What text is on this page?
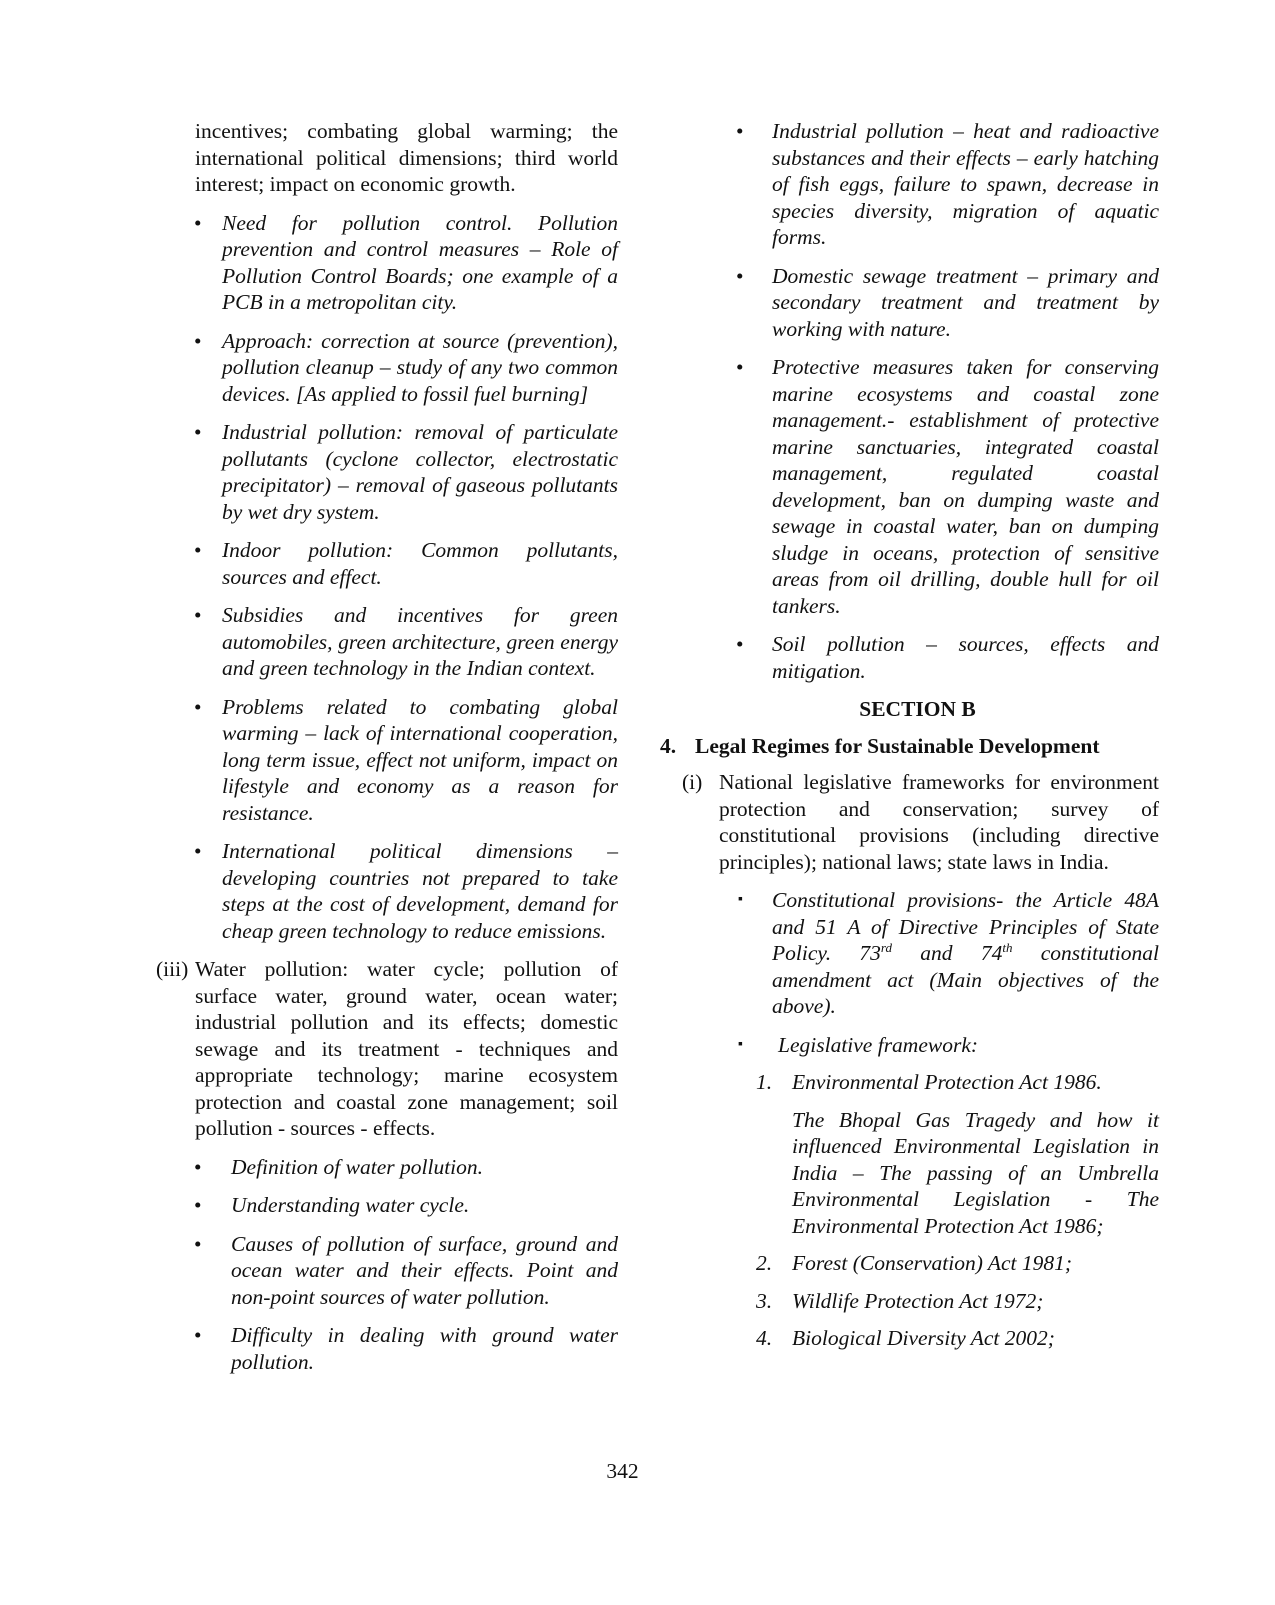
incentives; combating global warming; the international political dimensions; third world interest; impact on economic growth.

• Need for pollution control. Pollution prevention and control measures – Role of Pollution Control Boards; one example of a PCB in a metropolitan city.
• Approach: correction at source (prevention), pollution cleanup – study of any two common devices. [As applied to fossil fuel burning]
• Industrial pollution: removal of particulate pollutants (cyclone collector, electrostatic precipitator) – removal of gaseous pollutants by wet dry system.
• Indoor pollution: Common pollutants, sources and effect.
• Subsidies and incentives for green automobiles, green architecture, green energy and green technology in the Indian context.
• Problems related to combating global warming – lack of international cooperation, long term issue, effect not uniform, impact on lifestyle and economy as a reason for resistance.
• International political dimensions – developing countries not prepared to take steps at the cost of development, demand for cheap green technology to reduce emissions.
(iii) Water pollution: water cycle; pollution of surface water, ground water, ocean water; industrial pollution and its effects; domestic sewage and its treatment - techniques and appropriate technology; marine ecosystem protection and coastal zone management; soil pollution - sources - effects.
• Definition of water pollution.
• Understanding water cycle.
• Causes of pollution of surface, ground and ocean water and their effects. Point and non-point sources of water pollution.
• Difficulty in dealing with ground water pollution.
• Industrial pollution – heat and radioactive substances and their effects – early hatching of fish eggs, failure to spawn, decrease in species diversity, migration of aquatic forms.
• Domestic sewage treatment – primary and secondary treatment and treatment by working with nature.
• Protective measures taken for conserving marine ecosystems and coastal zone management.- establishment of protective marine sanctuaries, integrated coastal management, regulated coastal development, ban on dumping waste and sewage in coastal water, ban on dumping sludge in oceans, protection of sensitive areas from oil drilling, double hull for oil tankers.
• Soil pollution – sources, effects and mitigation.

SECTION B

4. Legal Regimes for Sustainable Development
(i) National legislative frameworks for environment protection and conservation; survey of constitutional provisions (including directive principles); national laws; state laws in India.
▪ Constitutional provisions- the Article 48A and 51 A of Directive Principles of State Policy. 73rd and 74th constitutional amendment act (Main objectives of the above).
▪ Legislative framework:
1. Environmental Protection Act 1986.

The Bhopal Gas Tragedy and how it influenced Environmental Legislation in India – The passing of an Umbrella Environmental Legislation - The Environmental Protection Act 1986;

2. Forest (Conservation) Act 1981;
3. Wildlife Protection Act 1972;
4. Biological Diversity Act 2002;
342
